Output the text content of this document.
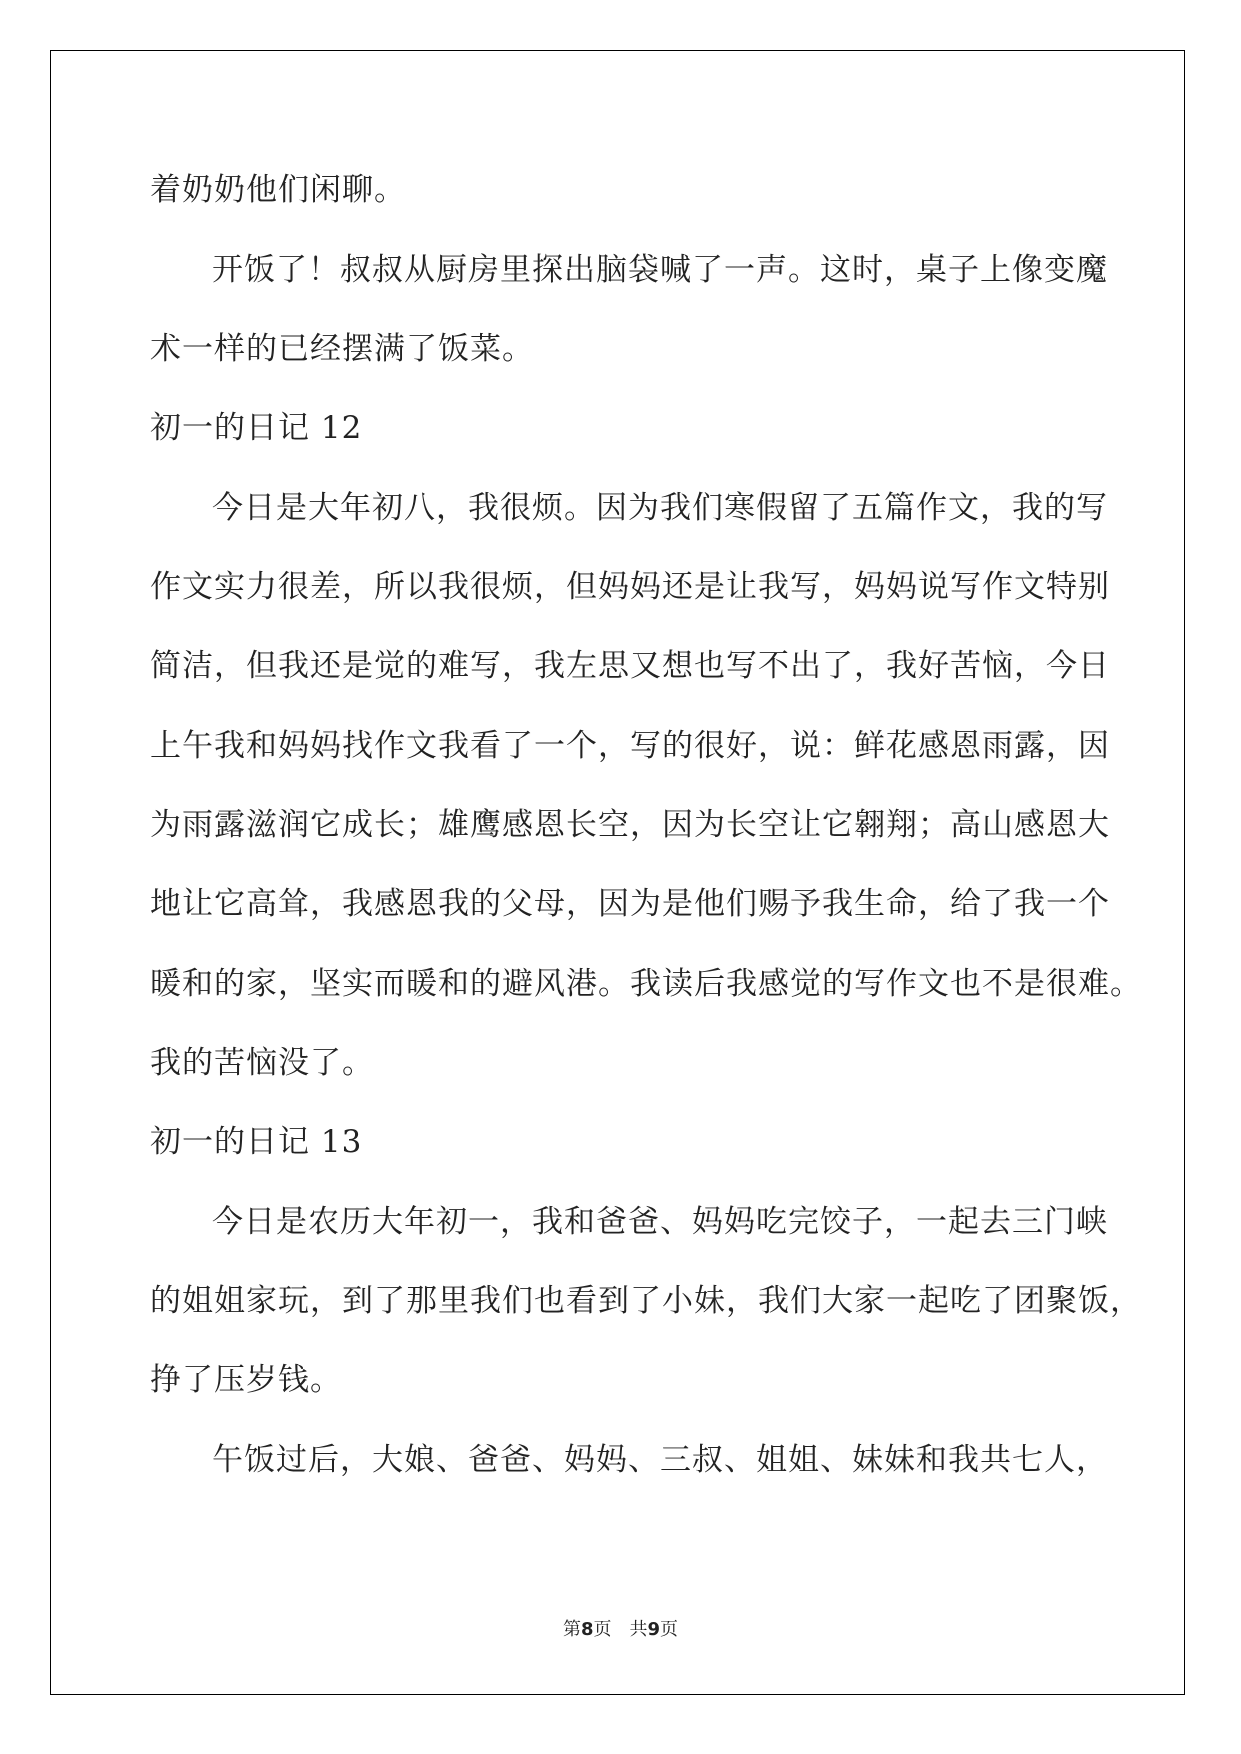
着奶奶他们闲聊。
开饭了！叔叔从厨房里探出脑袋喊了一声。这时，桌子上像变魔
术一样的已经摆满了饭菜。
初一的日记 12
今日是大年初八，我很烦。因为我们寒假留了五篇作文，我的写
作文实力很差，所以我很烦，但妈妈还是让我写，妈妈说写作文特别
简洁，但我还是觉的难写，我左思又想也写不出了，我好苦恼，今日
上午我和妈妈找作文我看了一个，写的很好，说：鲜花感恩雨露，因
为雨露滋润它成长；雄鹰感恩长空，因为长空让它翱翔；高山感恩大
地让它高耸，我感恩我的父母，因为是他们赐予我生命，给了我一个
暖和的家，坚实而暖和的避风港。我读后我感觉的写作文也不是很难。
我的苦恼没了。
初一的日记 13
今日是农历大年初一，我和爸爸、妈妈吃完饺子，一起去三门峡
的姐姐家玩，到了那里我们也看到了小妹，我们大家一起吃了团聚饭，
挣了压岁钱。
午饭过后，大娘、爸爸、妈妈、三叔、姐姐、妹妹和我共七人，
第8页 共9页
